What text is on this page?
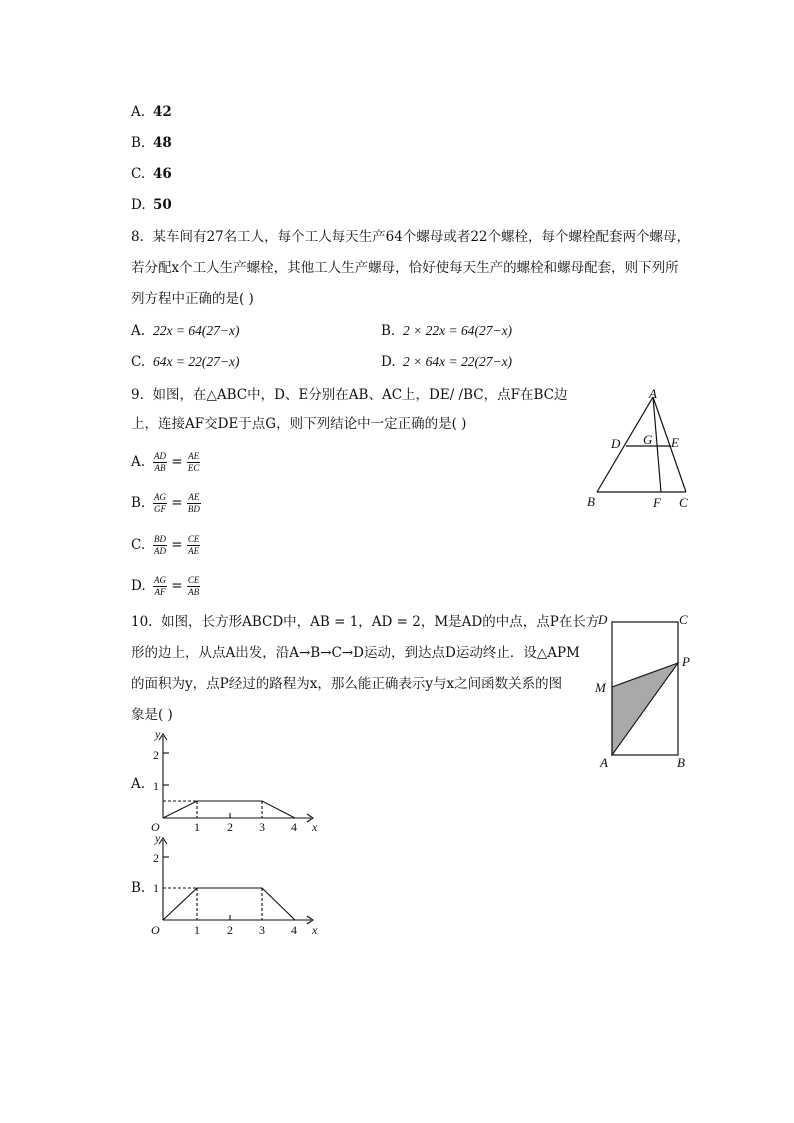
A. 42
B. 48
C. 46
D. 50
8. 某车间有27名工人，每个工人每天生产64个螺母或者22个螺栓，每个螺栓配套两个螺母，
若分配x个工人生产螺栓，其他工人生产螺母，恰好使每天生产的螺栓和螺母配套，则下列所
列方程中正确的是( )
A. 22x = 64(27−x)	B. 2 × 22x = 64(27−x)
C. 64x = 22(27−x)	D. 2 × 64x = 22(27−x)
9. 如图，在△ABC中，D、E分别在AB、AC上，DE/ /BC，点F在BC边
上，连接AF交DE于点G，则下列结论中一定正确的是( )
A. $\frac{AD}{AB} = \frac{AE}{EC}$
B. $\frac{AG}{GF} = \frac{AE}{BD}$
C. $\frac{BD}{AD} = \frac{CE}{AE}$
D. $\frac{AG}{AF} = \frac{CE}{AB}$
A
B	C
D	E
F
G
10. 如图，长方形ABCD中，AB = 1，AD = 2，M是AD的中点，点P在长方
形的边上，从点A出发，沿A→B→C→D运动，到达点D运动终止．设△APM
的面积为y，点P经过的路程为x，那么能正确表示y与x之间函数关系的图
象是( )
D	C
A	B
M
P
A.
y
2
1
O	1 2 3 4 x
B.
y
2
1
O	1 2 3 4 x
